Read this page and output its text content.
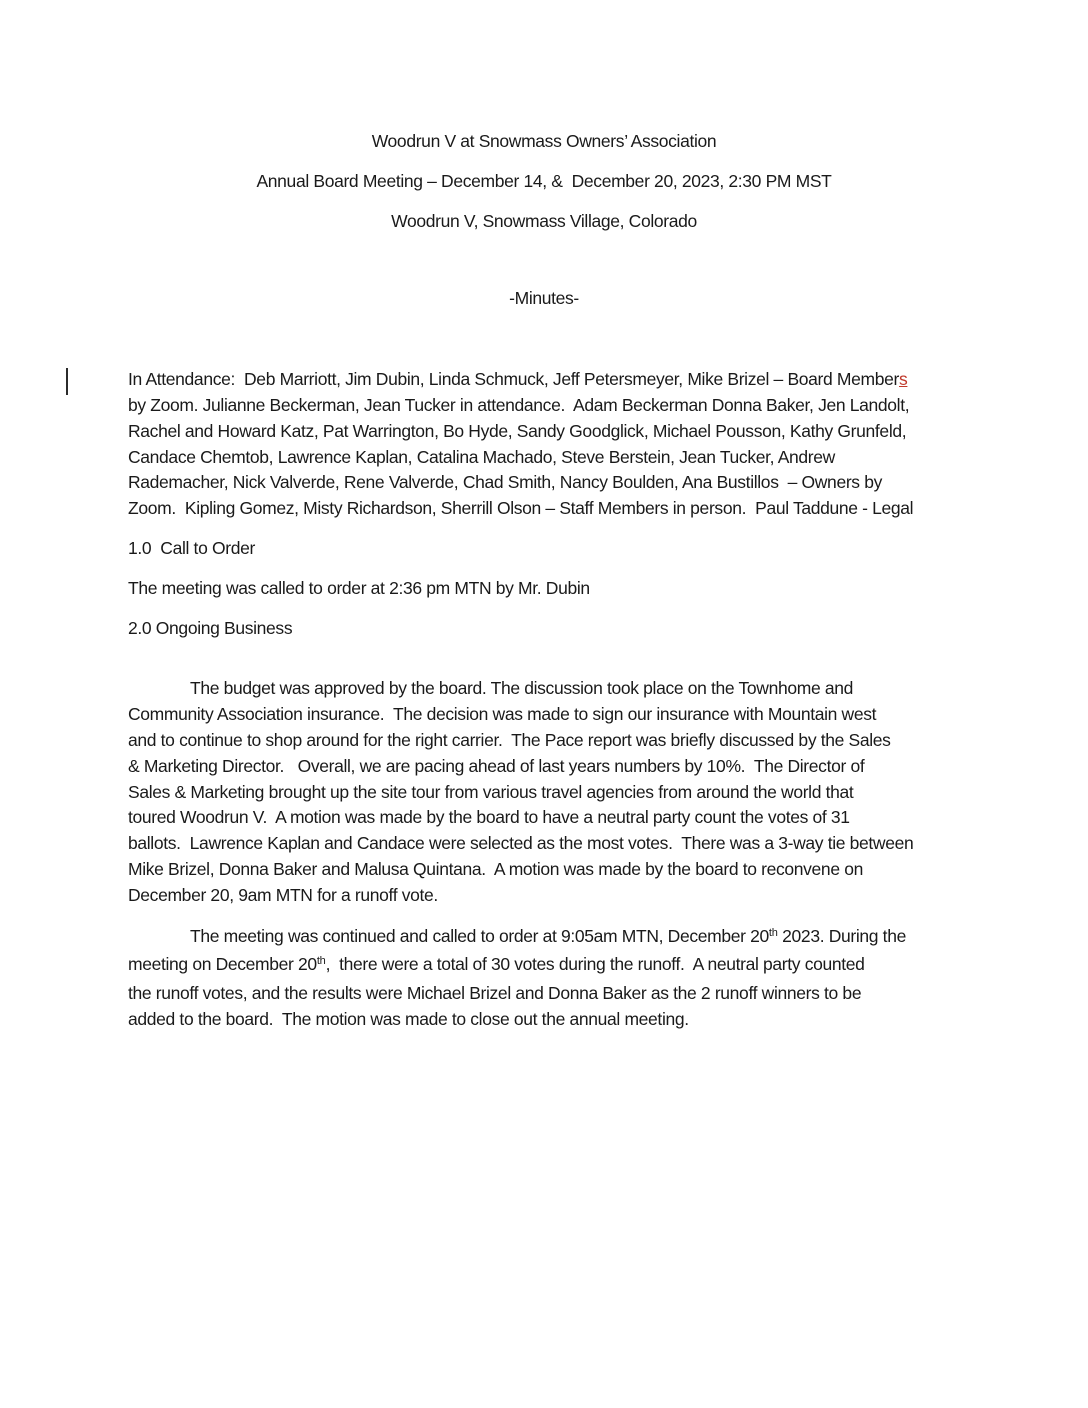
Woodrun V at Snowmass Owners’ Association
Annual Board Meeting – December 14, &  December 20, 2023, 2:30 PM MST
Woodrun V, Snowmass Village, Colorado
-Minutes-
In Attendance:  Deb Marriott, Jim Dubin, Linda Schmuck, Jeff Petersmeyer, Mike Brizel – Board Members
by Zoom. Julianne Beckerman, Jean Tucker in attendance.  Adam Beckerman Donna Baker, Jen Landolt,
Rachel and Howard Katz, Pat Warrington, Bo Hyde, Sandy Goodglick, Michael Pousson, Kathy Grunfeld,
Candace Chemtob, Lawrence Kaplan, Catalina Machado, Steve Berstein, Jean Tucker, Andrew
Rademacher, Nick Valverde, Rene Valverde, Chad Smith, Nancy Boulden, Ana Bustillos  – Owners by
Zoom.  Kipling Gomez, Misty Richardson, Sherrill Olson – Staff Members in person.  Paul Taddune - Legal
1.0  Call to Order
The meeting was called to order at 2:36 pm MTN by Mr. Dubin
2.0 Ongoing Business
The budget was approved by the board. The discussion took place on the Townhome and
Community Association insurance.  The decision was made to sign our insurance with Mountain west
and to continue to shop around for the right carrier.  The Pace report was briefly discussed by the Sales
& Marketing Director.   Overall, we are pacing ahead of last years numbers by 10%.  The Director of
Sales & Marketing brought up the site tour from various travel agencies from around the world that
toured Woodrun V.  A motion was made by the board to have a neutral party count the votes of 31
ballots.  Lawrence Kaplan and Candace were selected as the most votes.  There was a 3-way tie between
Mike Brizel, Donna Baker and Malusa Quintana.  A motion was made by the board to reconvene on
December 20, 9am MTN for a runoff vote.
The meeting was continued and called to order at 9:05am MTN, December 20th 2023. During the
meeting on December 20th,  there were a total of 30 votes during the runoff.  A neutral party counted
the runoff votes, and the results were Michael Brizel and Donna Baker as the 2 runoff winners to be
added to the board.  The motion was made to close out the annual meeting.
